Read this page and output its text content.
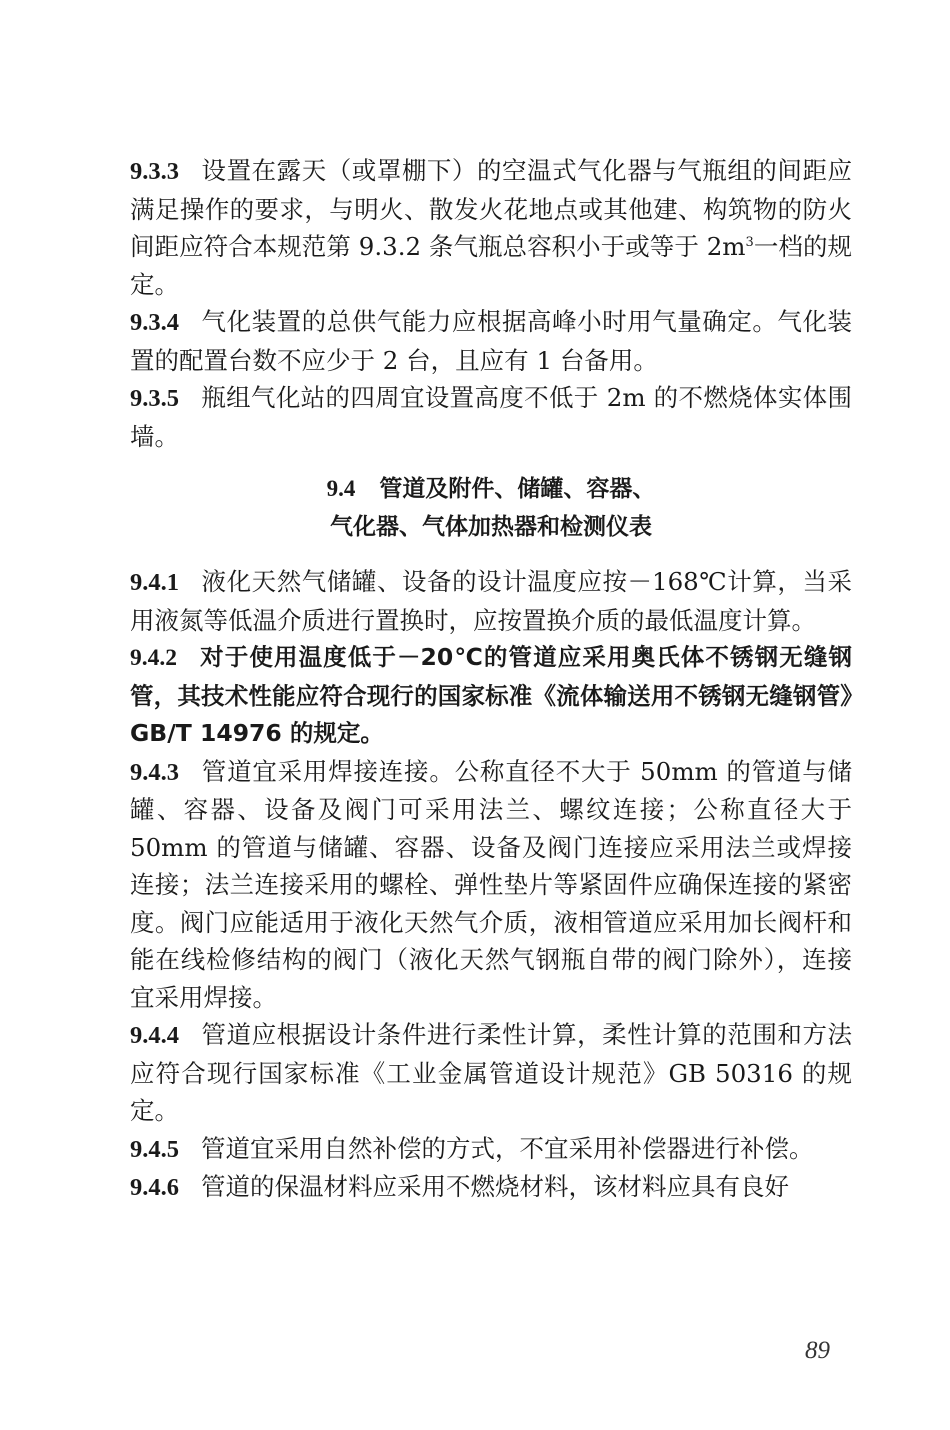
9.3.3 设置在露天（或罩棚下）的空温式气化器与气瓶组的间距应满足操作的要求，与明火、散发火花地点或其他建、构筑物的防火间距应符合本规范第 9.3.2 条气瓶总容积小于或等于 $2m^3$一档的规定。

9.3.4 气化装置的总供气能力应根据高峰小时用气量确定。气化装置的配置台数不应少于 2 台，且应有 1 台备用。

9.3.5 瓶组气化站的四周宜设置高度不低于 2m 的不燃烧体实体围墙。

9.4 管道及附件、储罐、容器、
气化器、气体加热器和检测仪表

9.4.1 液化天然气储罐、设备的设计温度应按－168℃计算，当采用液氮等低温介质进行置换时，应按置换介质的最低温度计算。

9.4.2 对于使用温度低于－20℃的管道应采用奥氏体不锈钢无缝钢管，其技术性能应符合现行的国家标准《流体输送用不锈钢无缝钢管》GB/T 14976 的规定。

9.4.3 管道宜采用焊接连接。公称直径不大于 50mm 的管道与储罐、容器、设备及阀门可采用法兰、螺纹连接；公称直径大于50mm 的管道与储罐、容器、设备及阀门连接应采用法兰或焊接连接；法兰连接采用的螺栓、弹性垫片等紧固件应确保连接的紧密度。阀门应能适用于液化天然气介质，液相管道应采用加长阀杆和能在线检修结构的阀门（液化天然气钢瓶自带的阀门除外），连接宜采用焊接。

9.4.4 管道应根据设计条件进行柔性计算，柔性计算的范围和方法应符合现行国家标准《工业金属管道设计规范》GB 50316 的规定。

9.4.5 管道宜采用自然补偿的方式，不宜采用补偿器进行补偿。

9.4.6 管道的保温材料应采用不燃烧材料，该材料应具有良好

89
